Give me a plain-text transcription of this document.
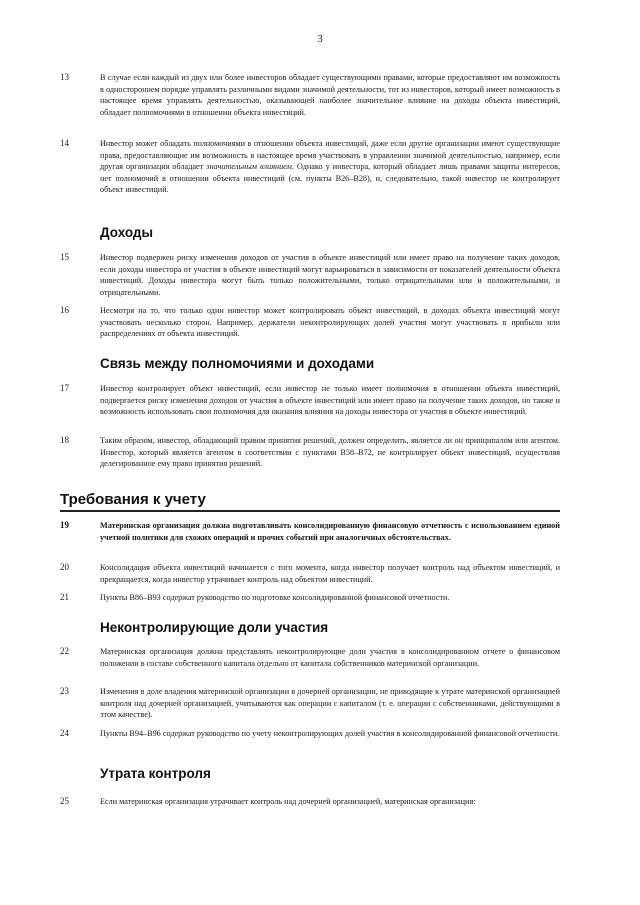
3
13	В случае если каждый из двух или более инвесторов обладает существующими правами, которые предоставляют им возможность в одностороннем порядке управлять различными видами значимой деятельности, тот из инвесторов, который имеет возможность в настоящее время управлять деятельностью, оказывающей наиболее значительное влияние на доходы объекта инвестиций, обладает полномочиями в отношении объекта инвестиций.
14	Инвестор может обладать полномочиями в отношении объекта инвестиций, даже если другие организации имеют существующие права, предоставляющие им возможность в настоящее время участвовать в управлении значимой деятельностью, например, если другая организация обладает значительным влиянием. Однако у инвестора, который обладает лишь правами защиты интересов, нет полномочий в отношении объекта инвестиций (см. пункты B26–B28), и, следовательно, такой инвестор не контролирует объект инвестиций.
Доходы
15	Инвестор подвержен риску изменения доходов от участия в объекте инвестиций или имеет право на получение таких доходов, если доходы инвестора от участия в объекте инвестиций могут варьироваться в зависимости от показателей деятельности объекта инвестиций. Доходы инвестора могут быть только положительными, только отрицательными или и положительными, и отрицательными.
16	Несмотря на то, что только один инвестор может контролировать объект инвестиций, в доходах объекта инвестиций могут участвовать несколько сторон. Например, держатели неконтролирующих долей участия могут участвовать в прибыли или распределениях от объекта инвестиций.
Связь между полномочиями и доходами
17	Инвестор контролирует объект инвестиций, если инвестор не только имеет полномочия в отношении объекта инвестиций, подвергается риску изменения доходов от участия в объекте инвестиций или имеет право на получение таких доходов, но также и возможность использовать свои полномочия для оказания влияния на доходы инвестора от участия в объекте инвестиций.
18	Таким образом, инвестор, обладающий правом принятия решений, должен определить, является ли он принципалом или агентом. Инвестор, который является агентом в соответствии с пунктами B58–B72, не контролирует объект инвестиций, осуществляя делегированное ему право принятия решений.
Требования к учету
19	Материнская организация должна подготавливать консолидированную финансовую отчетность с использованием единой учетной политики для схожих операций и прочих событий при аналогичных обстоятельствах.
20	Консолидация объекта инвестиций начинается с того момента, когда инвестор получает контроль над объектом инвестиций, и прекращается, когда инвестор утрачивает контроль над объектом инвестиций.
21	Пункты B86–B93 содержат руководство по подготовке консолидированной финансовой отчетности.
Неконтролирующие доли участия
22	Материнская организация должна представлять неконтролирующие доли участия в консолидированном отчете о финансовом положении в составе собственного капитала отдельно от капитала собственников материнской организации.
23	Изменения в доле владения материнской организации в дочерней организации, не приводящие к утрате материнской организацией контроля над дочерней организацией, учитываются как операции с капиталом (т. е. операции с собственниками, действующими в этом качестве).
24	Пункты B94–B96 содержат руководство по учету неконтролирующих долей участия в консолидированной финансовой отчетности.
Утрата контроля
25	Если материнская организация утрачивает контроль над дочерней организацией, материнская организация:
